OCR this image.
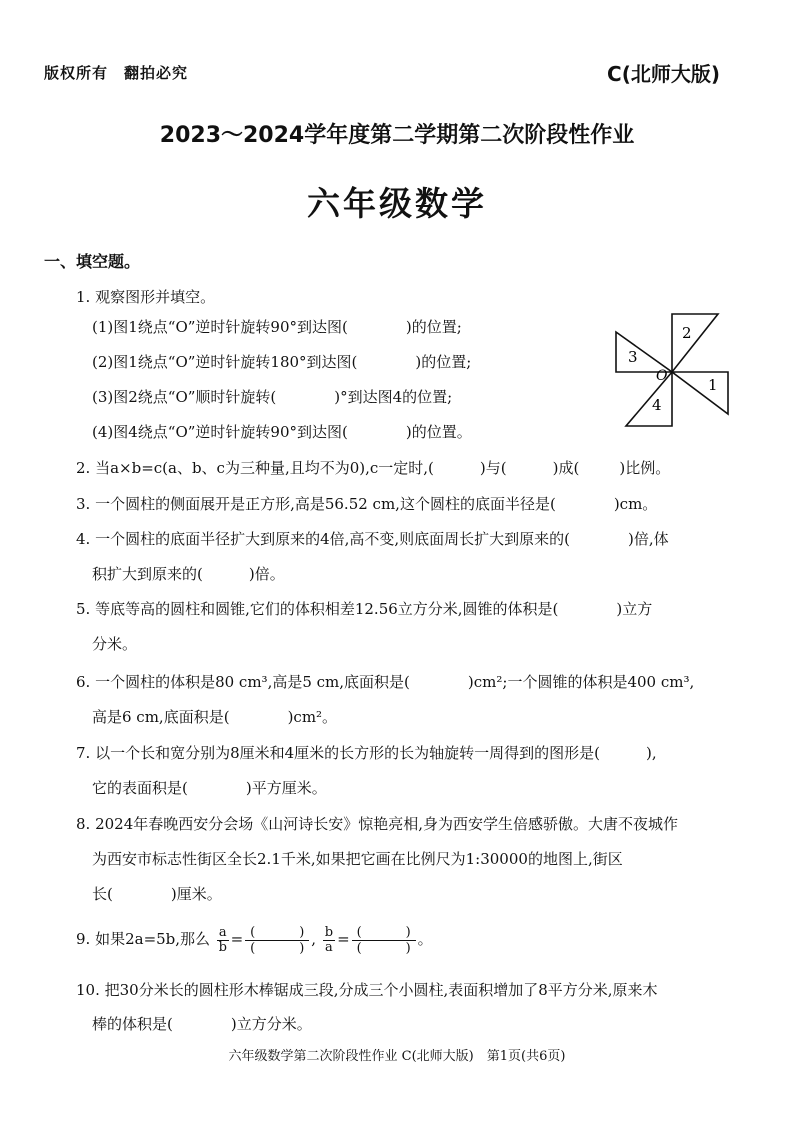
版权所有　翻拍必究	C(北师大版)
2023～2024学年度第二学期第二次阶段性作业
六年级数学
一、填空题。
1. 观察图形并填空。
(1)图1绕点“O”逆时针旋转90°到达图(	)的位置;
(2)图1绕点“O”逆时针旋转180°到达图(	)的位置;
(3)图2绕点“O”顺时针旋转(	)°到达图4的位置;
(4)图4绕点“O”逆时针旋转90°到达图(	)的位置。
2
3
1
4
O
2. 当a×b=c(a、b、c为三种量,且均不为0),c一定时,(	)与(	)成(	)比例。
3. 一个圆柱的侧面展开是正方形,高是56.52 cm,这个圆柱的底面半径是(	)cm。
4. 一个圆柱的底面半径扩大到原来的4倍,高不变,则底面周长扩大到原来的(	)倍,体
积扩大到原来的(	)倍。
5. 等底等高的圆柱和圆锥,它们的体积相差12.56立方分米,圆锥的体积是(	)立方
分米。
6. 一个圆柱的体积是80 cm³,高是5 cm,底面积是(	)cm²;一个圆锥的体积是400 cm³,
高是6 cm,底面积是(	)cm²。
7. 以一个长和宽分别为8厘米和4厘米的长方形的长为轴旋转一周得到的图形是(	),
它的表面积是(	)平方厘米。
8. 2024年春晚西安分会场《山河诗长安》惊艳亮相,身为西安学生倍感骄傲。大唐不夜城作
为西安市标志性街区全长2.1千米,如果把它画在比例尺为1:30000的地图上,街区
长(	)厘米。
9. 如果2a=5b,那么 $\frac{a}{b}$ = (	)
(	) , $\frac{b}{a}$ = (	)
(	) 。
10. 把30分米长的圆柱形木棒锯成三段,分成三个小圆柱,表面积增加了8平方分米,原来木
棒的体积是(	)立方分米。
六年级数学第二次阶段性作业 C(北师大版)　第1页(共6页)
